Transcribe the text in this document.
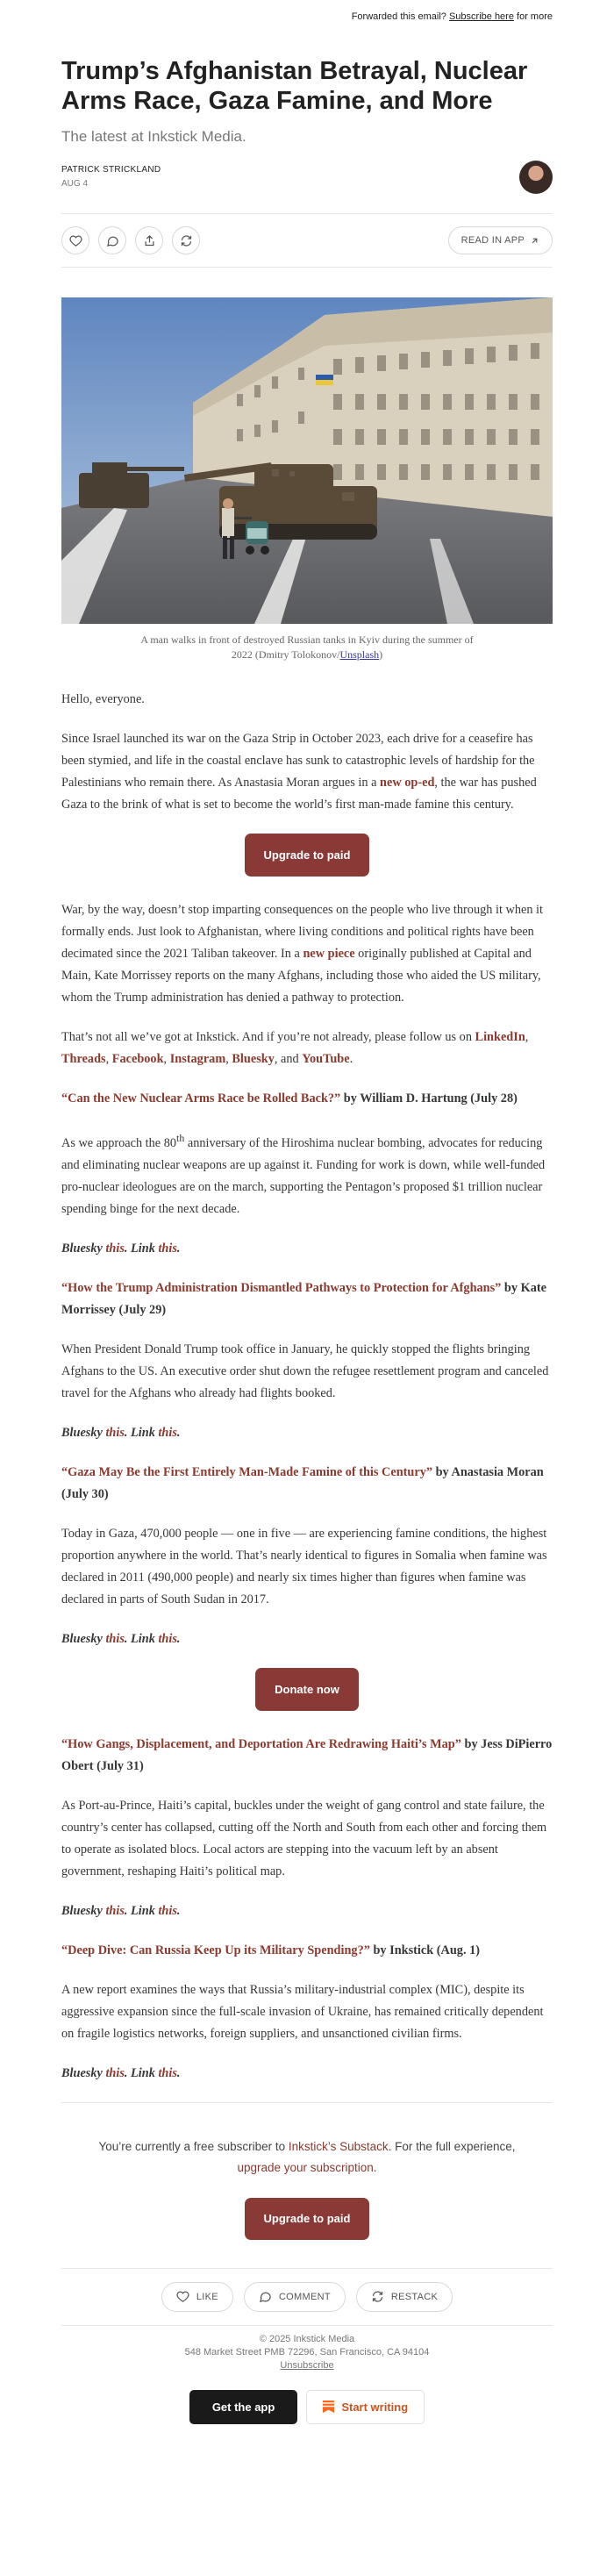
Forwarded this email? Subscribe here for more
Trump’s Afghanistan Betrayal, Nuclear Arms Race, Gaza Famine, and More
The latest at Inkstick Media.
PATRICK STRICKLAND
AUG 4
READ IN APP
A man walks in front of destroyed Russian tanks in Kyiv during the summer of 2022 (Dmitry Tolokonov/Unsplash)

Hello, everyone.

Since Israel launched its war on the Gaza Strip in October 2023, each drive for a ceasefire has been stymied, and life in the coastal enclave has sunk to catastrophic levels of hardship for the Palestinians who remain there. As Anastasia Moran argues in a new op-ed, the war has pushed Gaza to the brink of what is set to become the world’s first man-made famine this century.

Upgrade to paid

War, by the way, doesn’t stop imparting consequences on the people who live through it when it formally ends. Just look to Afghanistan, where living conditions and political rights have been decimated since the 2021 Taliban takeover. In a new piece originally published at Capital and Main, Kate Morrissey reports on the many Afghans, including those who aided the US military, whom the Trump administration has denied a pathway to protection.

That’s not all we’ve got at Inkstick. And if you’re not already, please follow us on LinkedIn, Threads, Facebook, Instagram, Bluesky, and YouTube.

“Can the New Nuclear Arms Race be Rolled Back?” by William D. Hartung (July 28)

As we approach the 80th anniversary of the Hiroshima nuclear bombing, advocates for reducing and eliminating nuclear weapons are up against it. Funding for work is down, while well-funded pro-nuclear ideologues are on the march, supporting the Pentagon’s proposed $1 trillion nuclear spending binge for the next decade.

Bluesky this. Link this.

“How the Trump Administration Dismantled Pathways to Protection for Afghans” by Kate Morrissey (July 29)

When President Donald Trump took office in January, he quickly stopped the flights bringing Afghans to the US. An executive order shut down the refugee resettlement program and canceled travel for the Afghans who already had flights booked.

Bluesky this. Link this.

“Gaza May Be the First Entirely Man-Made Famine of this Century” by Anastasia Moran (July 30)

Today in Gaza, 470,000 people — one in five — are experiencing famine conditions, the highest proportion anywhere in the world. That’s nearly identical to figures in Somalia when famine was declared in 2011 (490,000 people) and nearly six times higher than figures when famine was declared in parts of South Sudan in 2017.

Bluesky this. Link this.

Donate now

“How Gangs, Displacement, and Deportation Are Redrawing Haiti’s Map” by Jess DiPierro Obert (July 31)

As Port-au-Prince, Haiti’s capital, buckles under the weight of gang control and state failure, the country’s center has collapsed, cutting off the North and South from each other and forcing them to operate as isolated blocs. Local actors are stepping into the vacuum left by an absent government, reshaping Haiti’s political map.

Bluesky this. Link this.

“Deep Dive: Can Russia Keep Up its Military Spending?” by Inkstick (Aug. 1)

A new report examines the ways that Russia’s military-industrial complex (MIC), despite its aggressive expansion since the full-scale invasion of Ukraine, has remained critically dependent on fragile logistics networks, foreign suppliers, and unsanctioned civilian firms.

Bluesky this. Link this.

You’re currently a free subscriber to Inkstick’s Substack. For the full experience, upgrade your subscription.
Upgrade to paid
LIKE	COMMENT	RESTACK
© 2025 Inkstick Media
548 Market Street PMB 72296, San Francisco, CA 94104
Unsubscribe
Get the app	Start writing
